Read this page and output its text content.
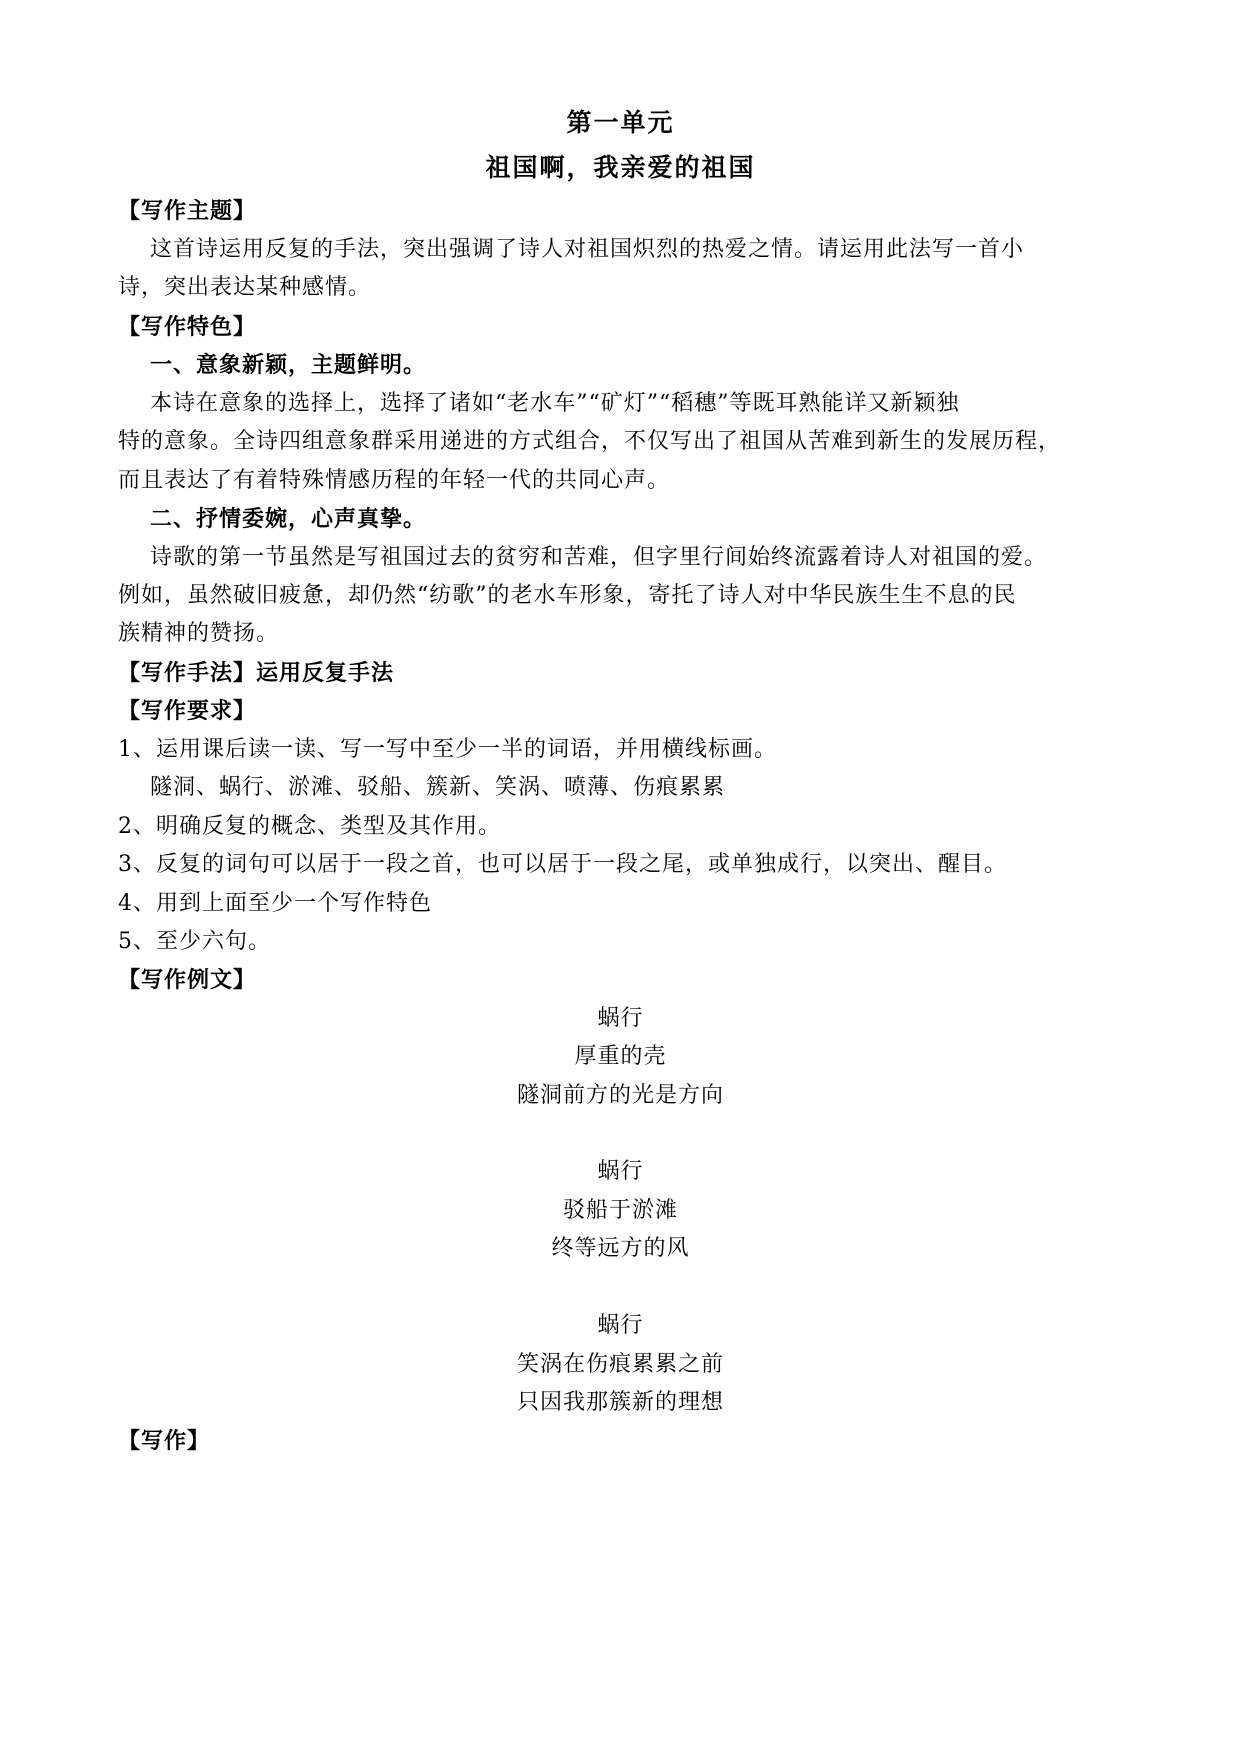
第一单元
祖国啊，我亲爱的祖国
【写作主题】
这首诗运用反复的手法，突出强调了诗人对祖国炽烈的热爱之情。请运用此法写一首小
诗，突出表达某种感情。
【写作特色】
一、意象新颖，主题鲜明。
本诗在意象的选择上，选择了诸如“老水车”“矿灯”“稻穗”等既耳熟能详又新颖独
特的意象。全诗四组意象群采用递进的方式组合，不仅写出了祖国从苦难到新生的发展历程，
而且表达了有着特殊情感历程的年轻一代的共同心声。
二、抒情委婉，心声真挚。
诗歌的第一节虽然是写祖国过去的贫穷和苦难，但字里行间始终流露着诗人对祖国的爱。
例如，虽然破旧疲惫，却仍然“纺歌”的老水车形象，寄托了诗人对中华民族生生不息的民
族精神的赞扬。
【写作手法】运用反复手法
【写作要求】
1、运用课后读一读、写一写中至少一半的词语，并用横线标画。
隧洞、蜗行、淤滩、驳船、簇新、笑涡、喷薄、伤痕累累
2、明确反复的概念、类型及其作用。
3、反复的词句可以居于一段之首，也可以居于一段之尾，或单独成行，以突出、醒目。
4、用到上面至少一个写作特色
5、至少六句。
【写作例文】
蜗行
厚重的壳
隧洞前方的光是方向
蜗行
驳船于淤滩
终等远方的风
蜗行
笑涡在伤痕累累之前
只因我那簇新的理想
【写作】
